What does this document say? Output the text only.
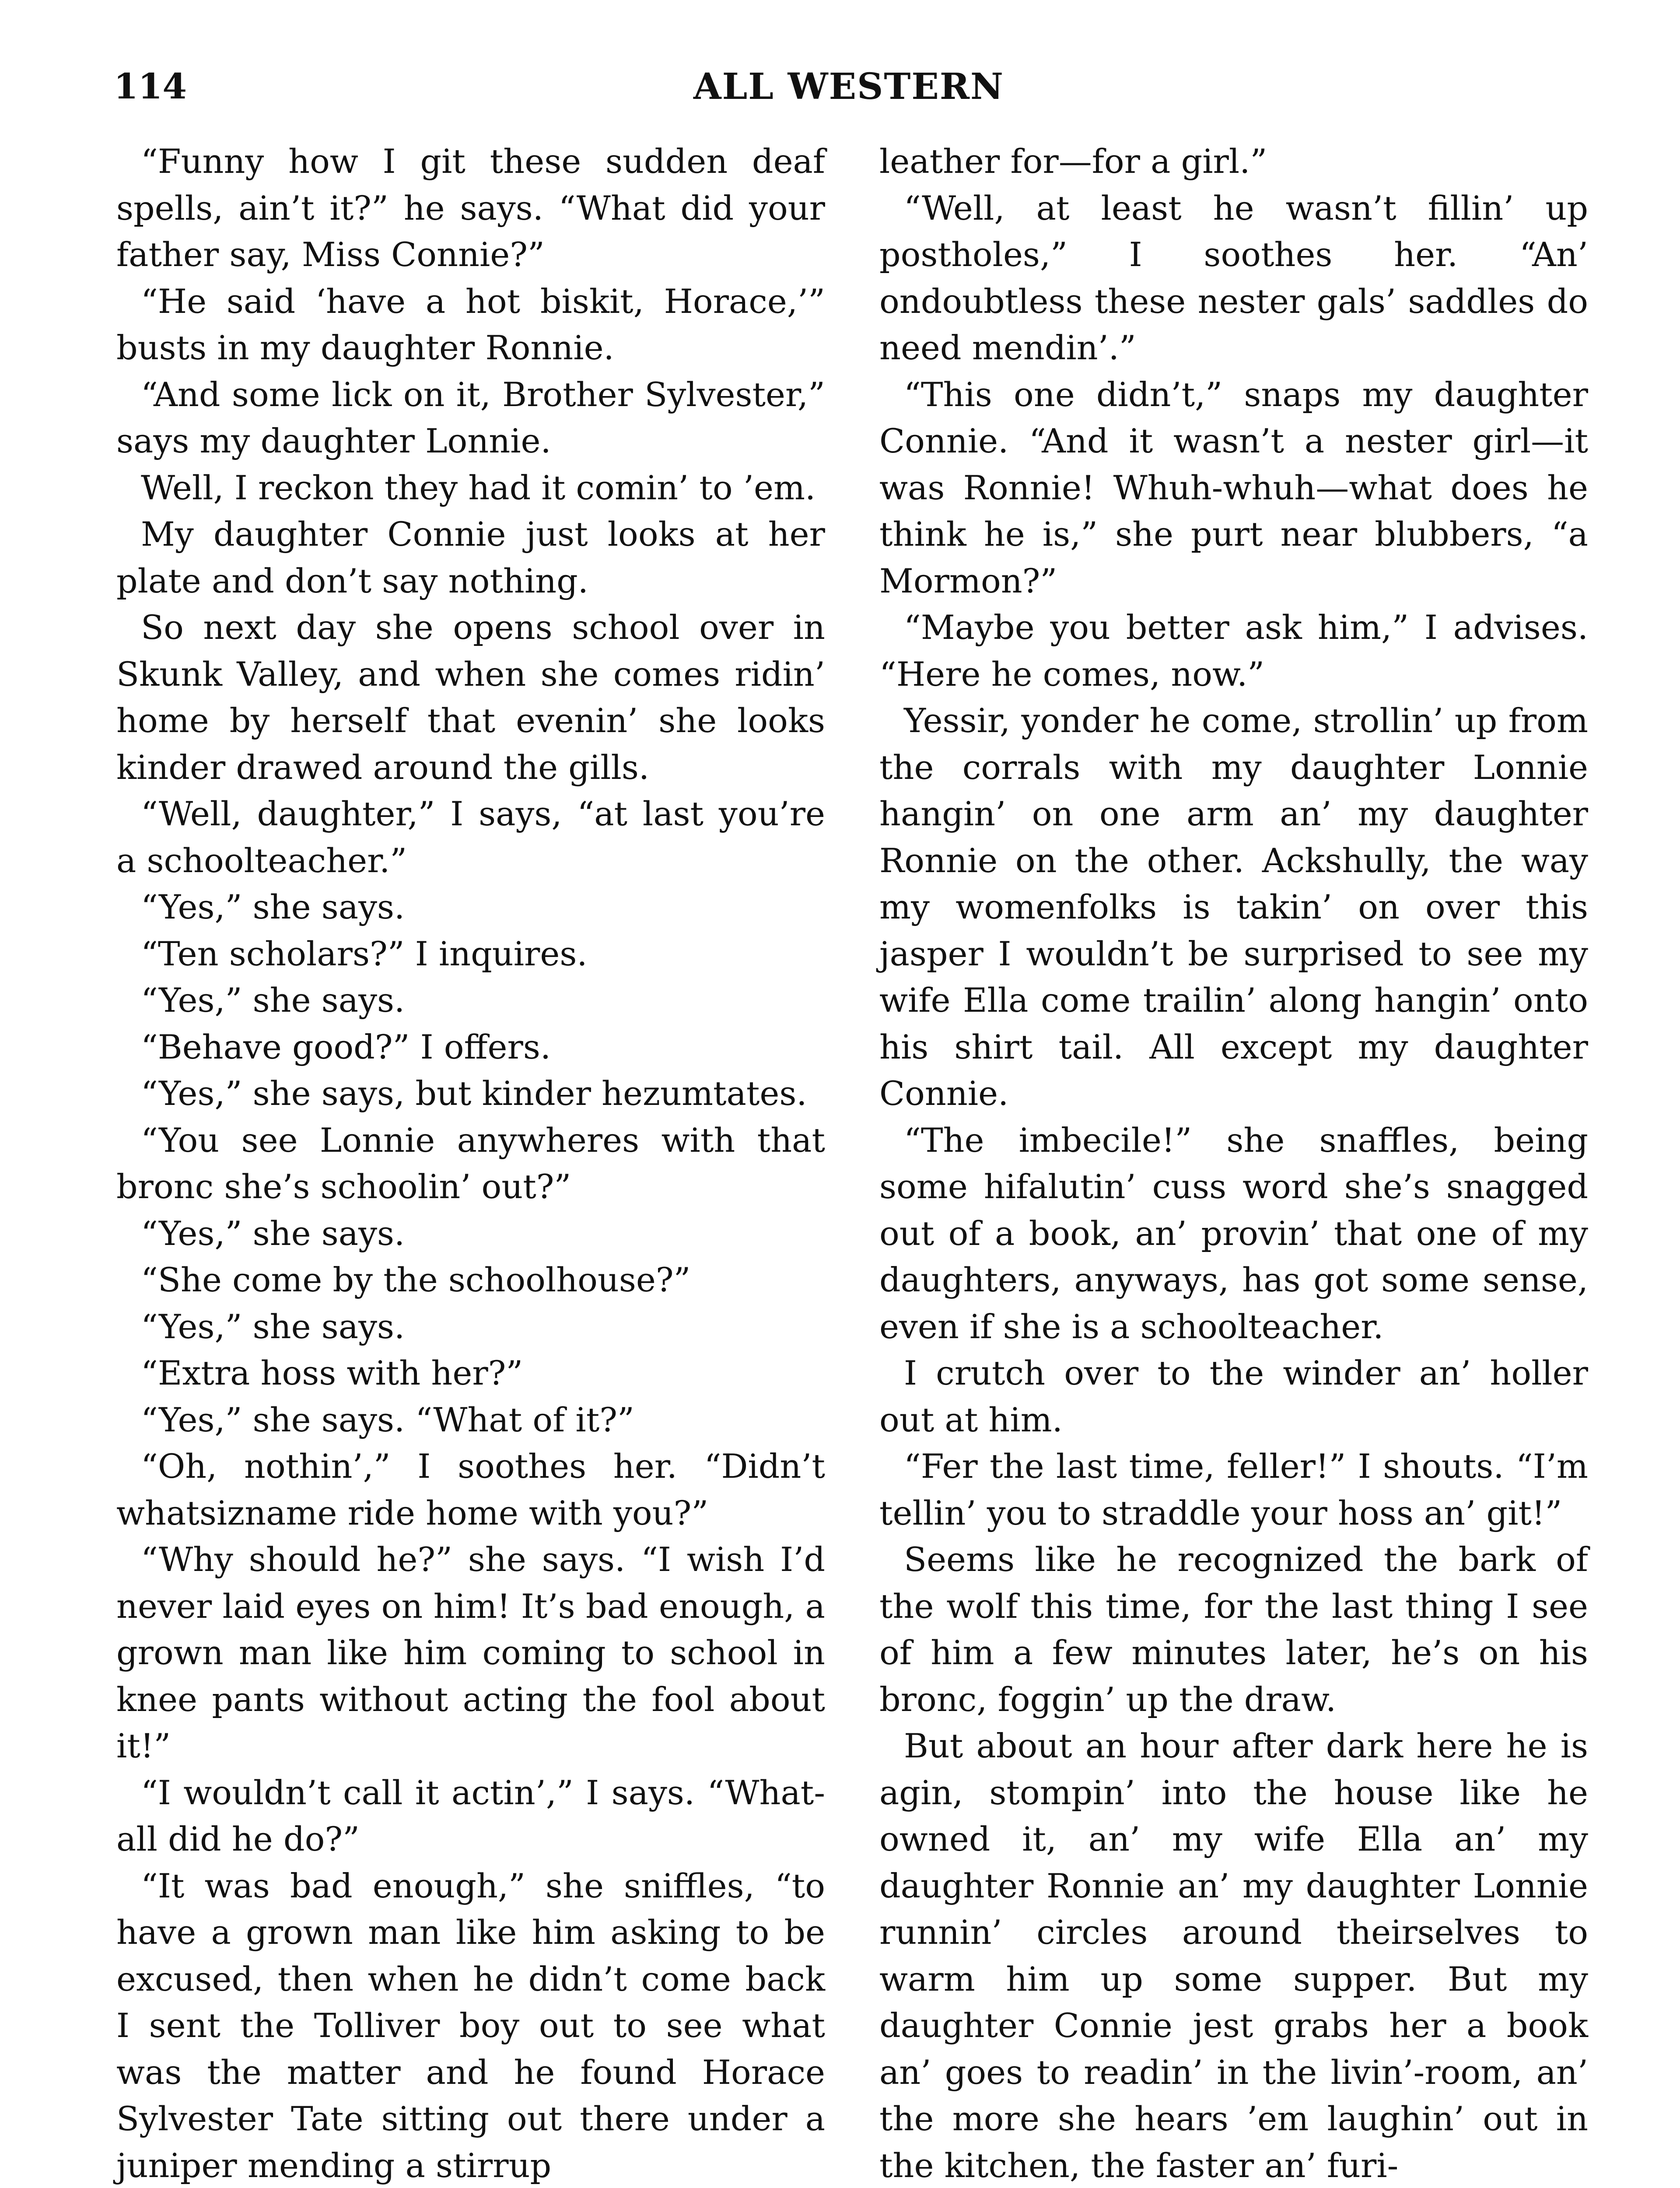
114	ALL WESTERN

“Funny how I git these sudden deaf spells, ain’t it?” he says. “What did your father say, Miss Connie?”

“He said ‘have a hot biskit, Horace,’” busts in my daughter Ronnie.

“And some lick on it, Brother Sylvester,” says my daughter Lonnie.

Well, I reckon they had it comin’ to ’em.

My daughter Connie just looks at her plate and don’t say nothing.

So next day she opens school over in Skunk Valley, and when she comes ridin’ home by herself that evenin’ she looks kinder drawed around the gills.

“Well, daughter,” I says, “at last you’re a schoolteacher.”

“Yes,” she says.

“Ten scholars?” I inquires.

“Yes,” she says.

“Behave good?” I offers.

“Yes,” she says, but kinder hezumtates.

“You see Lonnie anywheres with that bronc she’s schoolin’ out?”

“Yes,” she says.

“She come by the schoolhouse?”

“Yes,” she says.

“Extra hoss with her?”

“Yes,” she says. “What of it?”

“Oh, nothin’,” I soothes her. “Didn’t whatsizname ride home with you?”

“Why should he?” she says. “I wish I’d never laid eyes on him! It’s bad enough, a grown man like him coming to school in knee pants without acting the fool about it!”

“I wouldn’t call it actin’,” I says. “What-all did he do?”

“It was bad enough,” she sniffles, “to have a grown man like him asking to be excused, then when he didn’t come back I sent the Tolliver boy out to see what was the matter and he found Horace Sylvester Tate sitting out there under a juniper mending a stirrup

leather for—for a girl.”

“Well, at least he wasn’t fillin’ up postholes,” I soothes her. “An’ ondoubtless these nester gals’ saddles do need mendin’.”

“This one didn’t,” snaps my daughter Connie. “And it wasn’t a nester girl—it was Ronnie! Whuh-whuh—what does he think he is,” she purt near blubbers, “a Mormon?”

“Maybe you better ask him,” I advises. “Here he comes, now.”

Yessir, yonder he come, strollin’ up from the corrals with my daughter Lonnie hangin’ on one arm an’ my daughter Ronnie on the other. Ackshully, the way my womenfolks is takin’ on over this jasper I wouldn’t be surprised to see my wife Ella come trailin’ along hangin’ onto his shirt tail. All except my daughter Connie.

“The imbecile!” she snaffles, being some hifalutin’ cuss word she’s snagged out of a book, an’ provin’ that one of my daughters, anyways, has got some sense, even if she is a schoolteacher.

I crutch over to the winder an’ holler out at him.

“Fer the last time, feller!” I shouts. “I’m tellin’ you to straddle your hoss an’ git!”

Seems like he recognized the bark of the wolf this time, for the last thing I see of him a few minutes later, he’s on his bronc, foggin’ up the draw.

But about an hour after dark here he is agin, stompin’ into the house like he owned it, an’ my wife Ella an’ my daughter Ronnie an’ my daughter Lonnie runnin’ circles around theirselves to warm him up some supper. But my daughter Connie jest grabs her a book an’ goes to readin’ in the livin’-room, an’ the more she hears ’em laughin’ out in the kitchen, the faster an’ furi-
